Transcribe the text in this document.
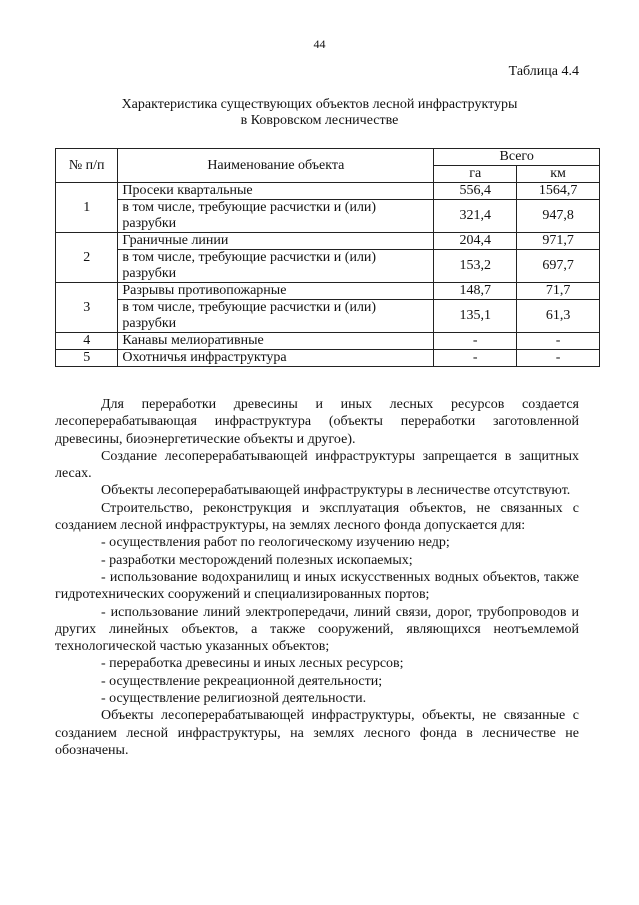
44
Таблица 4.4
Характеристика существующих объектов лесной инфраструктуры
в Ковровском лесничестве
№ п/п	Наименование объекта	Всего	
		га	км
1	Просеки квартальные	556,4	1564,7
	в том числе, требующие расчистки и (или) разрубки	321,4	947,8
2	Граничные линии	204,4	971,7
	в том числе, требующие расчистки и (или) разрубки	153,2	697,7
3	Разрывы противопожарные	148,7	71,7
	в том числе, требующие расчистки и (или) разрубки	135,1	61,3
4	Канавы мелиоративные	-	-
5	Охотничья инфраструктура	-	-

Для переработки древесины и иных лесных ресурсов создается лесоперерабатывающая инфраструктура (объекты переработки заготовленной древесины, биоэнергетические объекты и другое).

Создание лесоперерабатывающей инфраструктуры запрещается в защитных лесах.

Объекты лесоперерабатывающей инфраструктуры в лесничестве отсутствуют.

Строительство, реконструкция и эксплуатация объектов, не связанных с созданием лесной инфраструктуры, на землях лесного фонда допускается для:

- осуществления работ по геологическому изучению недр;

- разработки месторождений полезных ископаемых;

- использование водохранилищ и иных искусственных водных объектов, также гидротехнических сооружений и специализированных портов;

- использование линий электропередачи, линий связи, дорог, трубопроводов и других линейных объектов, а также сооружений, являющихся неотъемлемой технологической частью указанных объектов;

- переработка древесины и иных лесных ресурсов;

- осуществление рекреационной деятельности;

- осуществление религиозной деятельности.

Объекты лесоперерабатывающей инфраструктуры, объекты, не связанные с созданием лесной инфраструктуры, на землях лесного фонда в лесничестве не обозначены.
